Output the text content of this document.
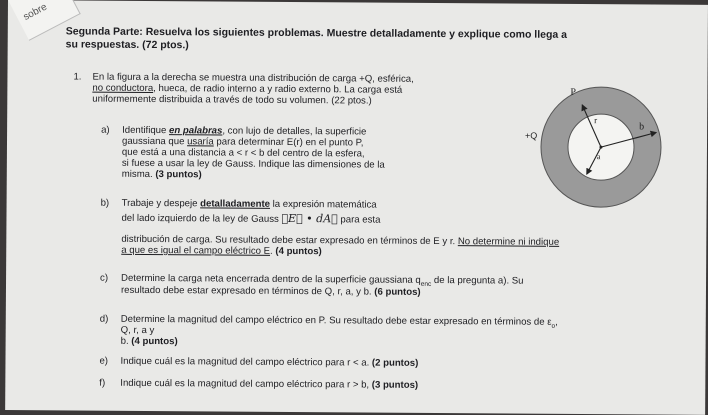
sobre
Segunda Parte: Resuelva los siguientes problemas. Muestre detalladamente y explique como llega a
su respuestas. (72 ptos.)
1. En la figura a la derecha se muestra una distribución de carga +Q, esférica,
no conductora, hueca, de radio interno a y radio externo b. La carga está
uniformemente distribuida a través de todo su volumen. (22 ptos.)
a) Identifique en palabras, con lujo de detalles, la superficie
gaussiana que usaría para determinar E(r) en el punto P,
que está a una distancia a < r < b del centro de la esfera,
si fuese a usar la ley de Gauss. Indique las dimensiones de la
misma. (3 puntos)
b) Trabaje y despeje detalladamente la expresión matemática
del lado izquierdo de la ley de Gauss ∮E⃗ • dA⃗ para esta
distribución de carga. Su resultado debe estar expresado en términos de E y r. No determine ni indique
a que es igual el campo eléctrico E. (4 puntos)
c) Determine la carga neta encerrada dentro de la superficie gaussiana $q_{enc}$ de la pregunta a). Su
resultado debe estar expresado en términos de Q, r, a, y b. (6 puntos)
d) Determine la magnitud del campo eléctrico en P. Su resultado debe estar expresado en términos de $\varepsilon_o$,
Q, r, a y
b. (4 puntos)
e) Indique cuál es la magnitud del campo eléctrico para r < a. (2 puntos)
f) Indique cuál es la magnitud del campo eléctrico para r > b, (3 puntos)
+Q
P
r
b
a
